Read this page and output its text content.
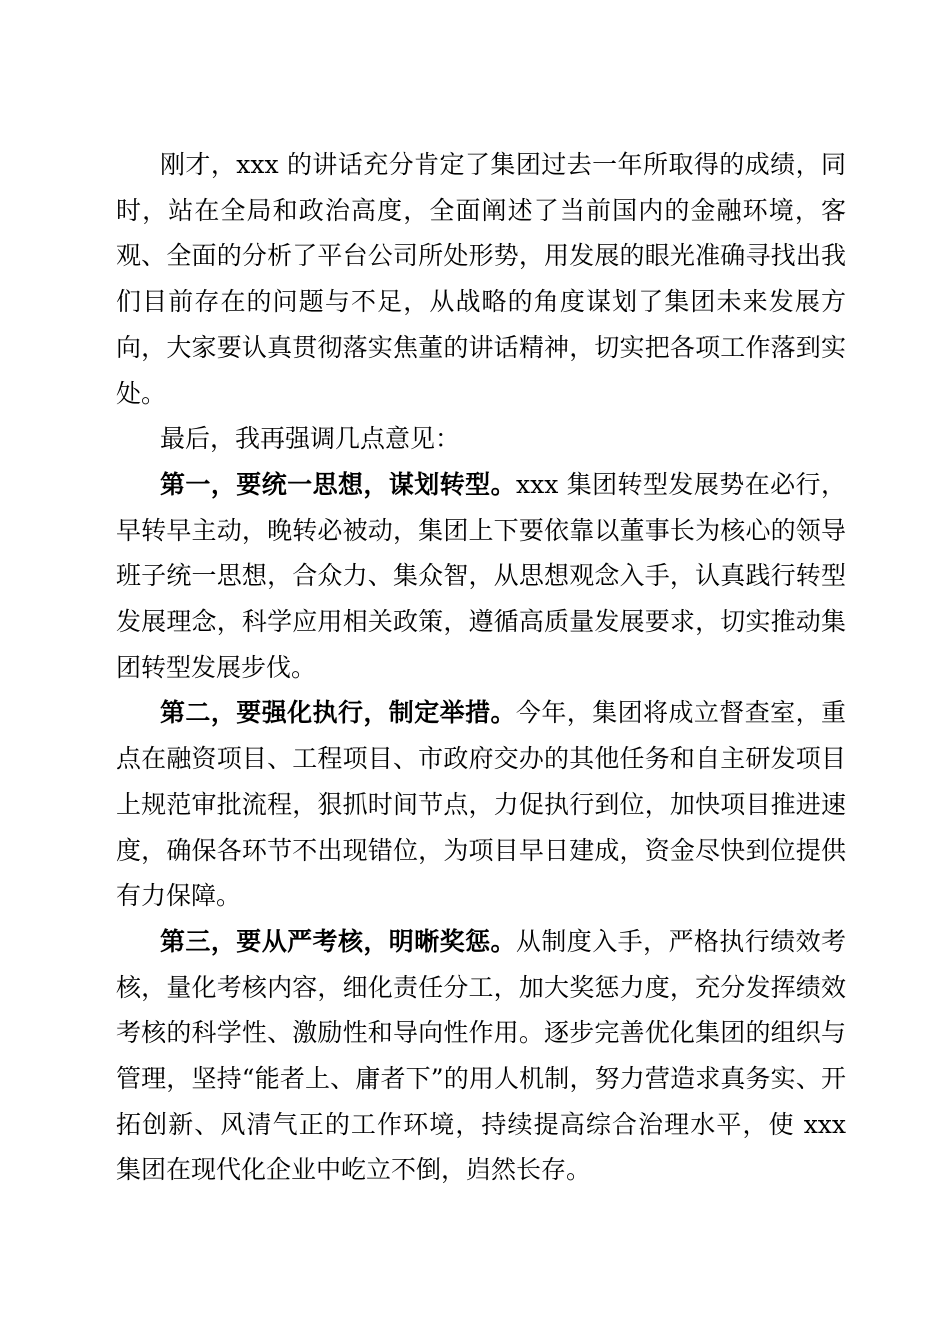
刚才，xxx 的讲话充分肯定了集团过去一年所取得的成绩，同时，站在全局和政治高度，全面阐述了当前国内的金融环境，客观、全面的分析了平台公司所处形势，用发展的眼光准确寻找出我们目前存在的问题与不足，从战略的角度谋划了集团未来发展方向，大家要认真贯彻落实焦董的讲话精神，切实把各项工作落到实处。

最后，我再强调几点意见：

第一，要统一思想，谋划转型。xxx 集团转型发展势在必行，早转早主动，晚转必被动，集团上下要依靠以董事长为核心的领导班子统一思想，合众力、集众智，从思想观念入手，认真践行转型发展理念，科学应用相关政策，遵循高质量发展要求，切实推动集团转型发展步伐。

第二，要强化执行，制定举措。今年，集团将成立督查室，重点在融资项目、工程项目、市政府交办的其他任务和自主研发项目上规范审批流程，狠抓时间节点，力促执行到位，加快项目推进速度，确保各环节不出现错位，为项目早日建成，资金尽快到位提供有力保障。

第三，要从严考核，明晰奖惩。从制度入手，严格执行绩效考核，量化考核内容，细化责任分工，加大奖惩力度，充分发挥绩效考核的科学性、激励性和导向性作用。逐步完善优化集团的组织与管理，坚持“能者上、庸者下”的用人机制，努力营造求真务实、开拓创新、风清气正的工作环境，持续提高综合治理水平，使 xxx 集团在现代化企业中屹立不倒，岿然长存。
